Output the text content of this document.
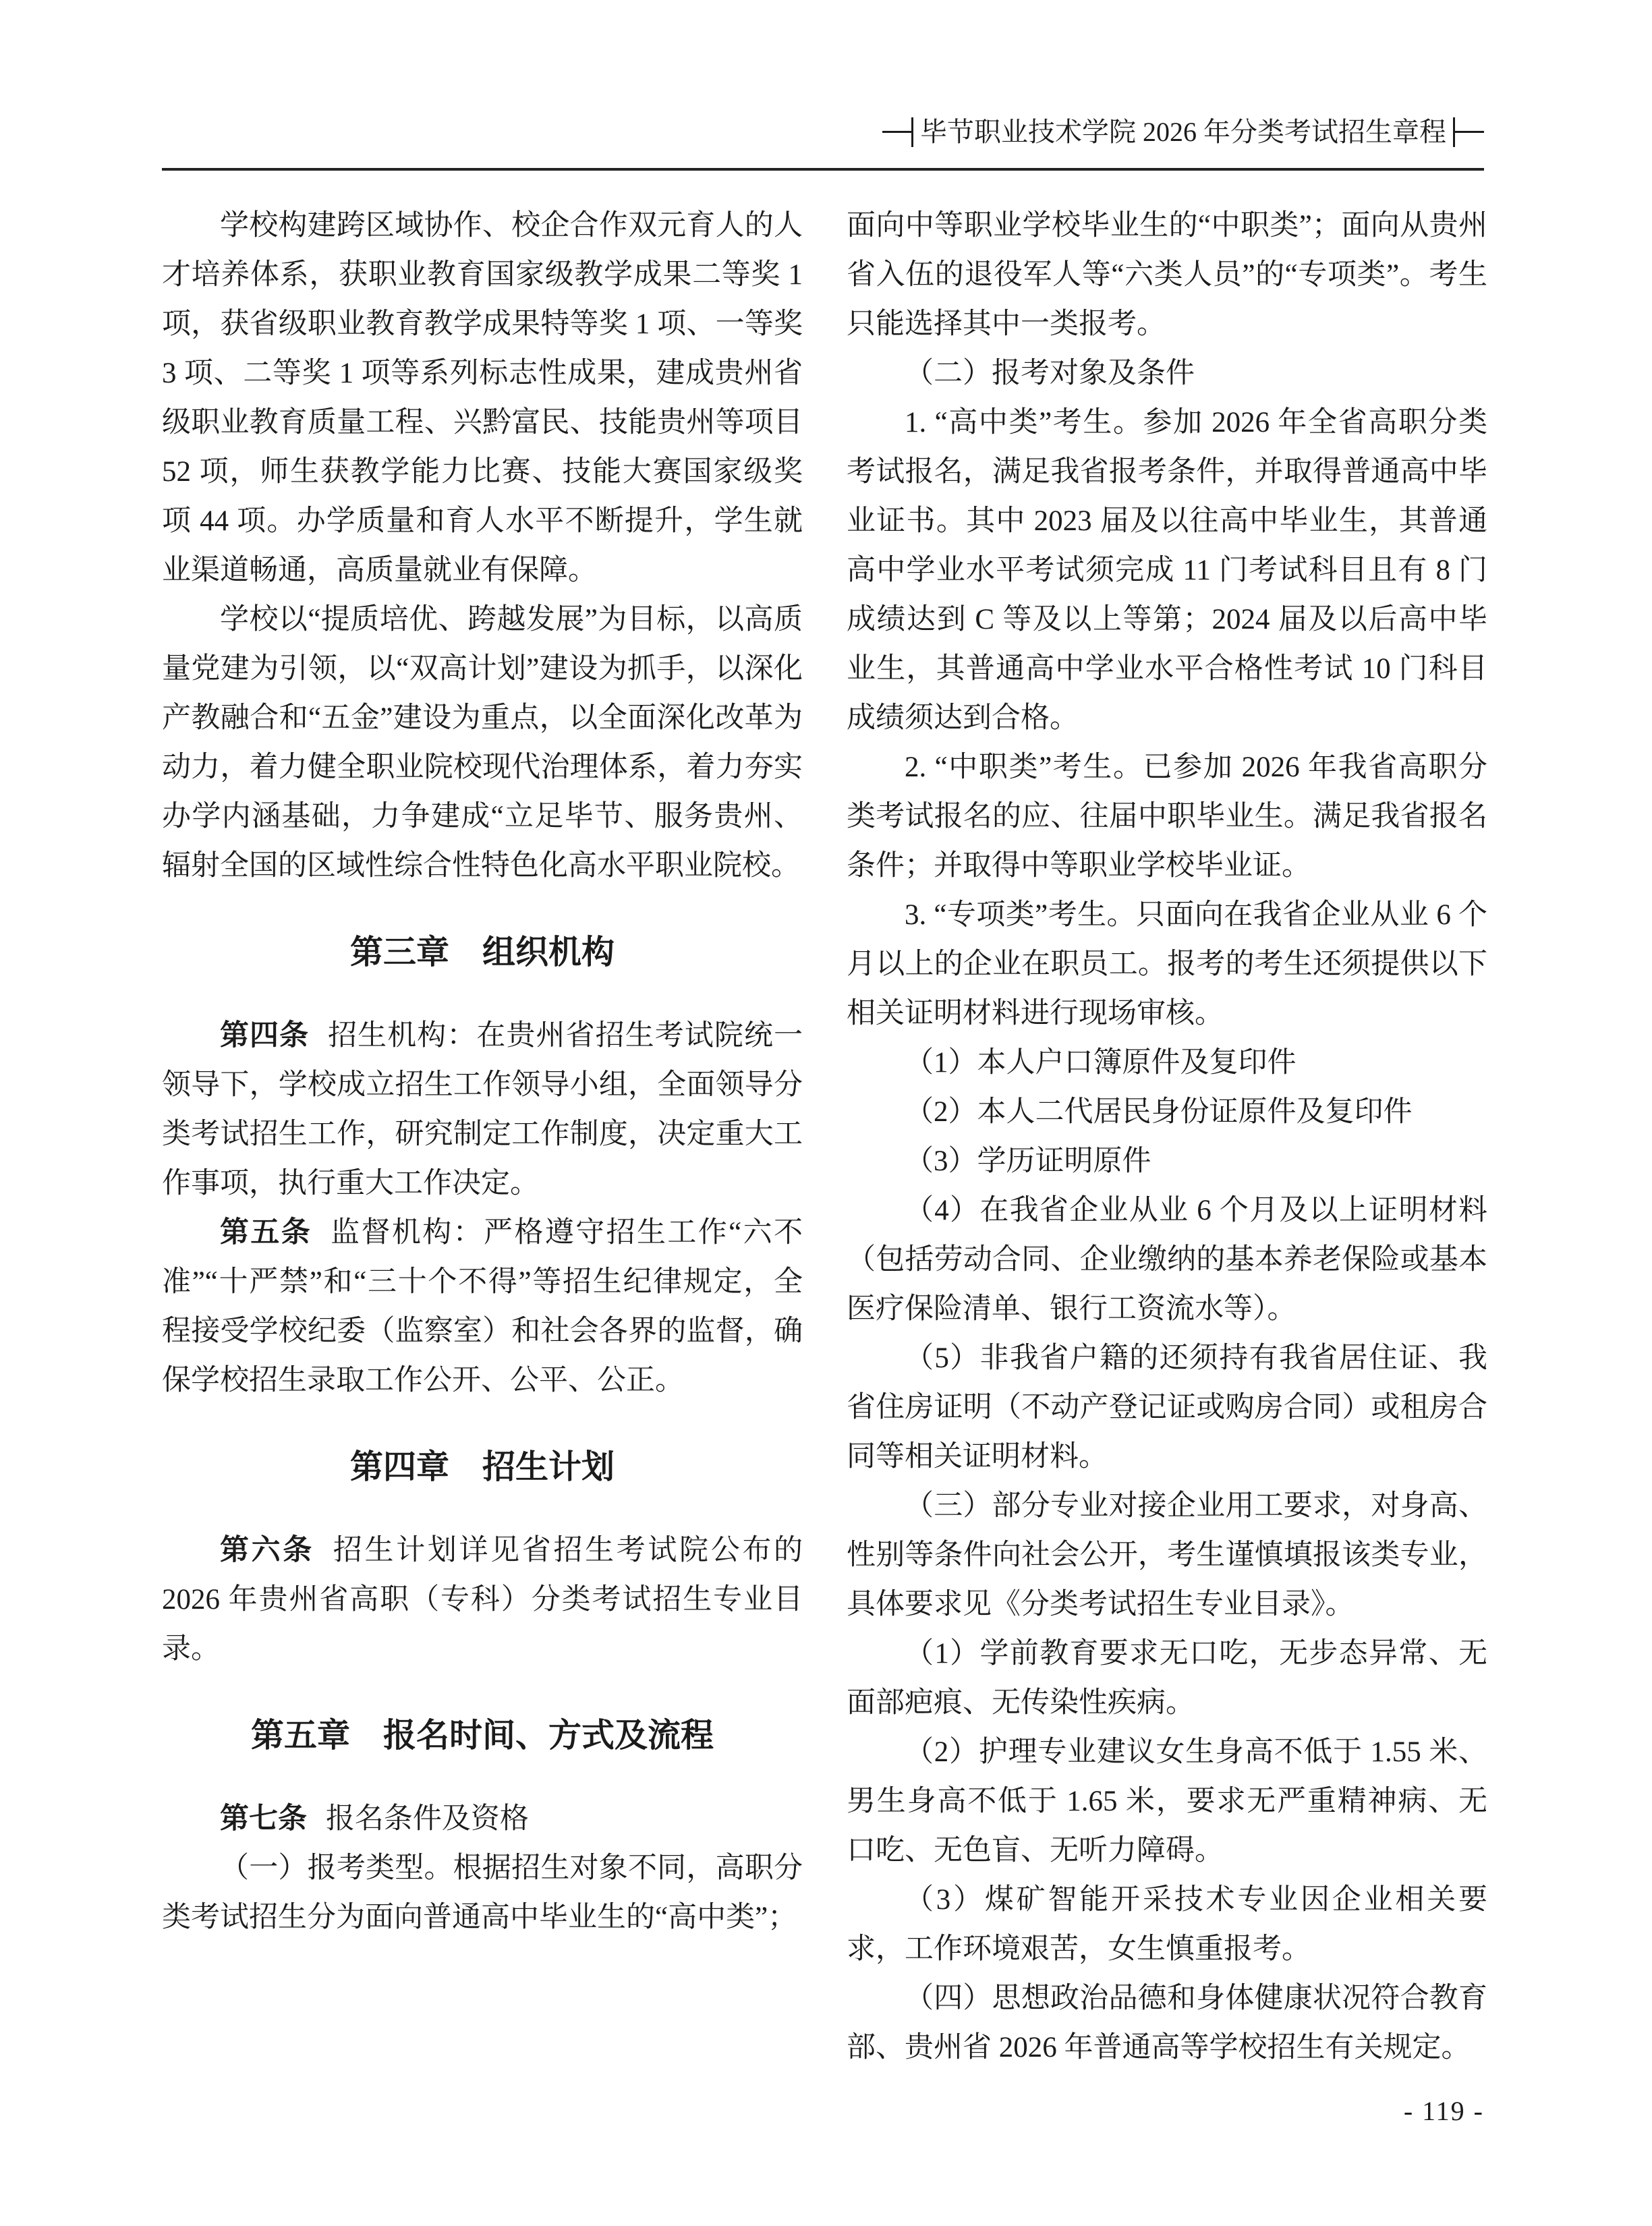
毕节职业技术学院 2026 年分类考试招生章程

学校构建跨区域协作、校企合作双元育人的人才培养体系，获职业教育国家级教学成果二等奖 1 项，获省级职业教育教学成果特等奖 1 项、一等奖 3 项、二等奖 1 项等系列标志性成果，建成贵州省级职业教育质量工程、兴黔富民、技能贵州等项目 52 项，师生获教学能力比赛、技能大赛国家级奖项 44 项。办学质量和育人水平不断提升，学生就业渠道畅通，高质量就业有保障。

学校以“提质培优、跨越发展”为目标，以高质量党建为引领，以“双高计划”建设为抓手，以深化产教融合和“五金”建设为重点，以全面深化改革为动力，着力健全职业院校现代治理体系，着力夯实办学内涵基础，力争建成“立足毕节、服务贵州、辐射全国的区域性综合性特色化高水平职业院校。

第三章　组织机构

第四条 招生机构：在贵州省招生考试院统一领导下，学校成立招生工作领导小组，全面领导分类考试招生工作，研究制定工作制度，决定重大工作事项，执行重大工作决定。

第五条 监督机构：严格遵守招生工作“六不准”“十严禁”和“三十个不得”等招生纪律规定，全程接受学校纪委（监察室）和社会各界的监督，确保学校招生录取工作公开、公平、公正。

第四章　招生计划

第六条 招生计划详见省招生考试院公布的 2026 年贵州省高职（专科）分类考试招生专业目录。

第五章　报名时间、方式及流程

第七条 报名条件及资格

（一）报考类型。根据招生对象不同，高职分类考试招生分为面向普通高中毕业生的“高中类”；

面向中等职业学校毕业生的“中职类”；面向从贵州省入伍的退役军人等“六类人员”的“专项类”。考生只能选择其中一类报考。

（二）报考对象及条件

1. “高中类”考生。参加 2026 年全省高职分类考试报名，满足我省报考条件，并取得普通高中毕业证书。其中 2023 届及以往高中毕业生，其普通高中学业水平考试须完成 11 门考试科目且有 8 门成绩达到 C 等及以上等第；2024 届及以后高中毕业生，其普通高中学业水平合格性考试 10 门科目成绩须达到合格。

2. “中职类”考生。已参加 2026 年我省高职分类考试报名的应、往届中职毕业生。满足我省报名条件；并取得中等职业学校毕业证。

3. “专项类”考生。只面向在我省企业从业 6 个月以上的企业在职员工。报考的考生还须提供以下相关证明材料进行现场审核。

（1）本人户口簿原件及复印件

（2）本人二代居民身份证原件及复印件

（3）学历证明原件

（4）在我省企业从业 6 个月及以上证明材料（包括劳动合同、企业缴纳的基本养老保险或基本医疗保险清单、银行工资流水等）。

（5）非我省户籍的还须持有我省居住证、我省住房证明（不动产登记证或购房合同）或租房合同等相关证明材料。

（三）部分专业对接企业用工要求，对身高、性别等条件向社会公开，考生谨慎填报该类专业，具体要求见《分类考试招生专业目录》。

（1）学前教育要求无口吃，无步态异常、无面部疤痕、无传染性疾病。

（2）护理专业建议女生身高不低于 1.55 米、男生身高不低于 1.65 米，要求无严重精神病、无口吃、无色盲、无听力障碍。

（3）煤矿智能开采技术专业因企业相关要求，工作环境艰苦，女生慎重报考。

（四）思想政治品德和身体健康状况符合教育部、贵州省 2026 年普通高等学校招生有关规定。

- 119 -
